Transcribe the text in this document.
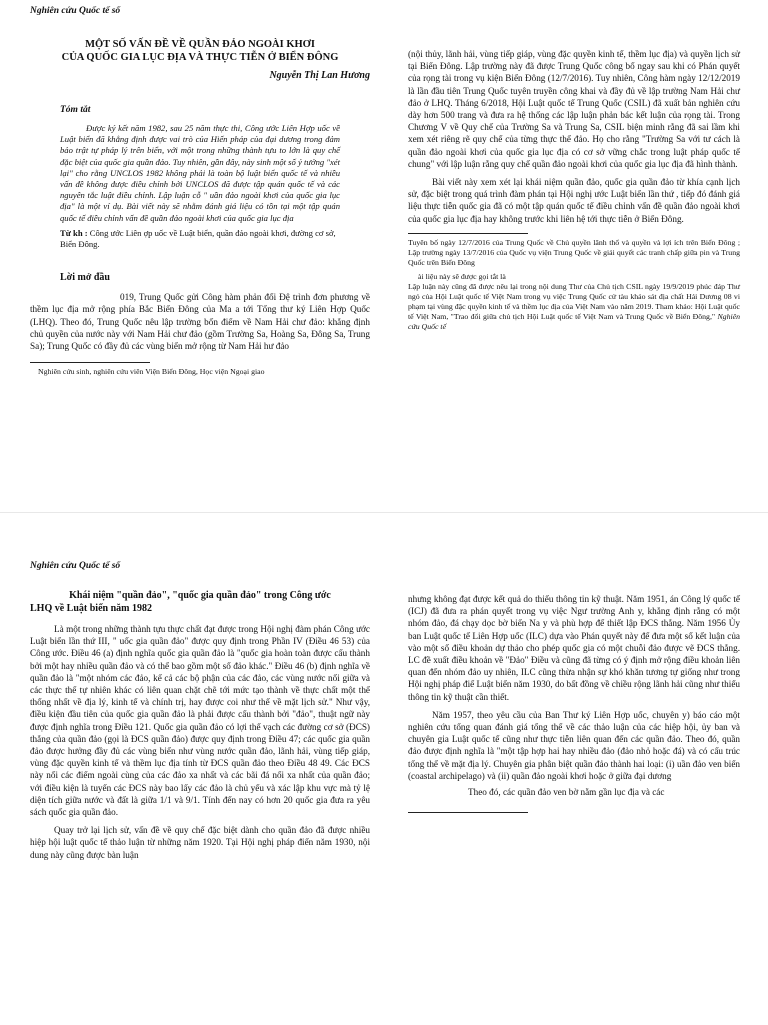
Nghiên cứu Quốc tế số
MỘT SỐ VẤN ĐỀ VỀ QUẦN ĐẢO NGOÀI KHƠI
CỦA QUỐC GIA LỤC ĐỊA VÀ THỰC TIỄN Ở BIỂN ĐÔNG
Nguyễn Thị Lan Hương
Tóm tắt
Được ký kết năm 1982, sau 25 năm thực thi, Công ước Liên Hợp uốc về Luật biển đã khẳng định được vai trò của Hiến pháp của đại dương trong đảm bảo trật tự pháp lý trên biển, với một trong những thành tựu to lớn là quy chế đặc biệt của quốc gia quần đảo. Tuy nhiên, gần đây, này sinh một số ý tưởng "xét lại" cho rằng UNCLOS 1982 không phải là toàn bộ luật biển quốc tế và nhiều vấn đề không được điều chỉnh bởi UNCLOS đã được tập quán quốc tế và các nguyên tắc luật điều chỉnh. Lập luận cỗ " uần đảo ngoài khơi của quốc gia lục địa" là một ví dụ. Bài viết này sẽ nhằm đánh giá liệu có tồn tại một tập quán quốc tế điều chỉnh vấn đề quần đảo ngoài khơi của quốc gia lục địa
Từ kh : Công ước Liên ợp uốc về Luật biển, quần đảo ngoài khơi, đường cơ sở, Biển Đông.
Lời mở đầu

019, Trung Quốc gửi Công hàm phản đối Đệ trình đơn phương về thềm lục địa mở rộng phía Bắc Biển Đông của Ma a tới Tổng thư ký Liên Hợp Quốc (LHQ). Theo đó, Trung Quốc nêu lập trường bốn điểm về Nam Hải chư đảo: khẳng định chủ quyền của nước này với Nam Hải chư đảo (gồm Trường Sa, Hoàng Sa, Đông Sa, Trung Sa); Trung Quốc có đầy đủ các vùng biển mở rộng từ Nam Hải hư đảo

Nghiên cứu sinh, nghiên cứu viên Viện Biển Đông, Học viện Ngoại giao

(nội thủy, lãnh hải, vùng tiếp giáp, vùng đặc quyền kinh tế, thềm lục địa) và quyền lịch sử tại Biển Đông. Lập trường này đã được Trung Quốc công bố ngay sau khi có Phán quyết của rọng tài trong vụ kiện Biển Đông (12/7/2016). Tuy nhiên, Công hàm ngày 12/12/2019 là lần đầu tiên Trung Quốc tuyên truyền công khai và đầy đủ về lập trường Nam Hải chư đảo ở LHQ. Tháng 6/2018, Hội Luật quốc tế Trung Quốc (CSIL) đã xuất bản nghiên cứu dày hơn 500 trang và đưa ra hệ thống các lập luận phản bác kết luận của rọng tài. Trong Chương V về Quy chế của Trường Sa và Trung Sa, CSIL biện minh rằng đã sai lầm khi xem xét riêng rẽ quy chế của từng thực thể đảo. Họ cho rằng "Trường Sa với tư cách là quần đảo ngoài khơi của quốc gia lục địa có cơ sở vững chắc trong luật pháp quốc tế chung" với lập luận rằng quy chế quần đảo ngoài khơi của quốc gia lục địa đã hình thành.

Bài viết này xem xét lại khái niệm quần đảo, quốc gia quần đảo từ khía cạnh lịch sử, đặc biệt trong quá trình đàm phán tại Hội nghị ước Luật biển lần thứ , tiếp đó đánh giá liệu thực tiễn quốc gia đã có một tập quán quốc tế điều chỉnh vấn đề quần đảo ngoài khơi của quốc gia lục địa hay không trước khi liên hệ tới thực tiễn ở Biển Đông.

Tuyên bố ngày 12/7/2016 của Trung Quốc về Chủ quyền lãnh thổ và quyền và lợi ích trên Biển Đông ; Lập trường ngày 13/7/2016 của Quốc vụ viện Trung Quốc về giải quyết các tranh chấp giữa pin và Trung Quốc trên Biển Đông
ài liệu này sẽ được gọi tắt là
Lập luận này cũng đã được nêu lại trong nội dung Thư của Chủ tịch CSIL ngày 19/9/2019 phúc đáp Thư ngỏ của Hội Luật quốc tế Việt Nam trong vụ việc Trung Quốc cử tàu khảo sát địa chất Hải Dương 08 vi phạm tại vùng đặc quyền kinh tế và thềm lục địa của Việt Nam vào năm 2019. Tham khảo: Hội Luật quốc tế Việt Nam, "Trao đổi giữa chủ tịch Hội Luật quốc tế Việt Nam và Trung Quốc về Biển Đông," Nghiên cứu Quốc tế
Nghiên cứu Quốc tế số
Khái niệm "quần đảo", "quốc gia quần đảo" trong Công ước
LHQ về Luật biển năm 1982

Là một trong những thành tựu thực chất đạt được trong Hội nghị đàm phán Công ước Luật biển lần thứ III, " uốc gia quần đảo" được quy định trong Phần IV (Điều 46 53) của Công ước. Điều 46 (a) định nghĩa quốc gia quần đảo là "quốc gia hoàn toàn được cấu thành bởi một hay nhiều quần đảo và có thể bao gồm một số đảo khác." Điều 46 (b) định nghĩa về quần đảo là "một nhóm các đảo, kể cả các bộ phận của các đảo, các vùng nước nối giữa và các thực thể tự nhiên khác có liên quan chặt chẽ tới mức tạo thành về thực chất một thể thống nhất về địa lý, kinh tế và chính trị, hay được coi như thế về mặt lịch sử." Như vậy, điều kiện đầu tiên của quốc gia quần đảo là phải được cấu thành bởi "đảo", thuật ngữ này được định nghĩa trong Điều 121. Quốc gia quần đảo có lợi thế vạch các đường cơ sở (ĐCS) thẳng của quần đảo (gọi là ĐCS quần đảo) được quy định trong Điều 47; các quốc gia quần đảo được hưởng đầy đủ các vùng biển như vùng nước quần đảo, lãnh hải, vùng tiếp giáp, vùng đặc quyền kinh tế và thềm lục địa tính từ ĐCS quần đảo theo Điều 48 49. Các ĐCS này nối các điểm ngoài cùng của các đảo xa nhất và các bãi đá nổi xa nhất của quần đảo; với điều kiện là tuyến các ĐCS này bao lấy các đảo là chủ yếu và xác lập khu vực mà tỷ lệ diện tích giữa nước và đất là giữa 1/1 và 9/1. Tính đến nay có hơn 20 quốc gia đưa ra yêu sách quốc gia quần đảo.

Quay trở lại lịch sử, vấn đề về quy chế đặc biệt dành cho quần đảo đã được nhiều hiệp hội luật quốc tế thảo luận từ những năm 1920. Tại Hội nghị pháp điển năm 1930, nội dung này cũng được bàn luận

nhưng không đạt được kết quả do thiếu thông tin kỹ thuật. Năm 1951, án Công lý quốc tế (ICJ) đã đưa ra phán quyết trong vụ việc Ngư trường Anh y, khẳng định rằng có một nhóm đảo, đá chạy dọc bờ biển Na y và phù hợp để thiết lập ĐCS thẳng. Năm 1956 Ủy ban Luật quốc tế Liên Hợp uốc (ILC) dựa vào Phán quyết này để đưa một số kết luận của vào một số điều khoản dự thảo cho phép quốc gia có một chuỗi đảo được vẽ ĐCS thẳng. LC đề xuất điều khoản về "Đảo" Điều và cũng đã từng có ý định mở rộng điều khoản liên quan đến nhóm đảo uy nhiên, ILC cũng thừa nhận sự khó khăn tương tự giống như trong Hội nghị pháp điể Luật biển năm 1930, do bất đồng về chiều rộng lãnh hải cũng như thiếu thông tin kỹ thuật cần thiết.

Năm 1957, theo yêu cầu của Ban Thư ký Liên Hợp uốc, chuyên y) báo cáo một nghiên cứu tổng quan đánh giá tổng thể về các thảo luận của các hiệp hội, ủy ban và chuyên gia Luật quốc tế cũng như thực tiễn liên quan đến các quần đảo. Theo đó, quần đảo được định nghĩa là "một tập hợp hai hay nhiều đảo (đảo nhỏ hoặc đá) và có cấu trúc tổng thể về mặt địa lý. Chuyên gia phân biệt quần đảo thành hai loại: (i) uần đảo ven biển (coastal archipelago) và (ii) quần đảo ngoài khơi hoặc ở giữa đại dương

Theo đó, các quần đảo ven bờ nằm gần lục địa và các
